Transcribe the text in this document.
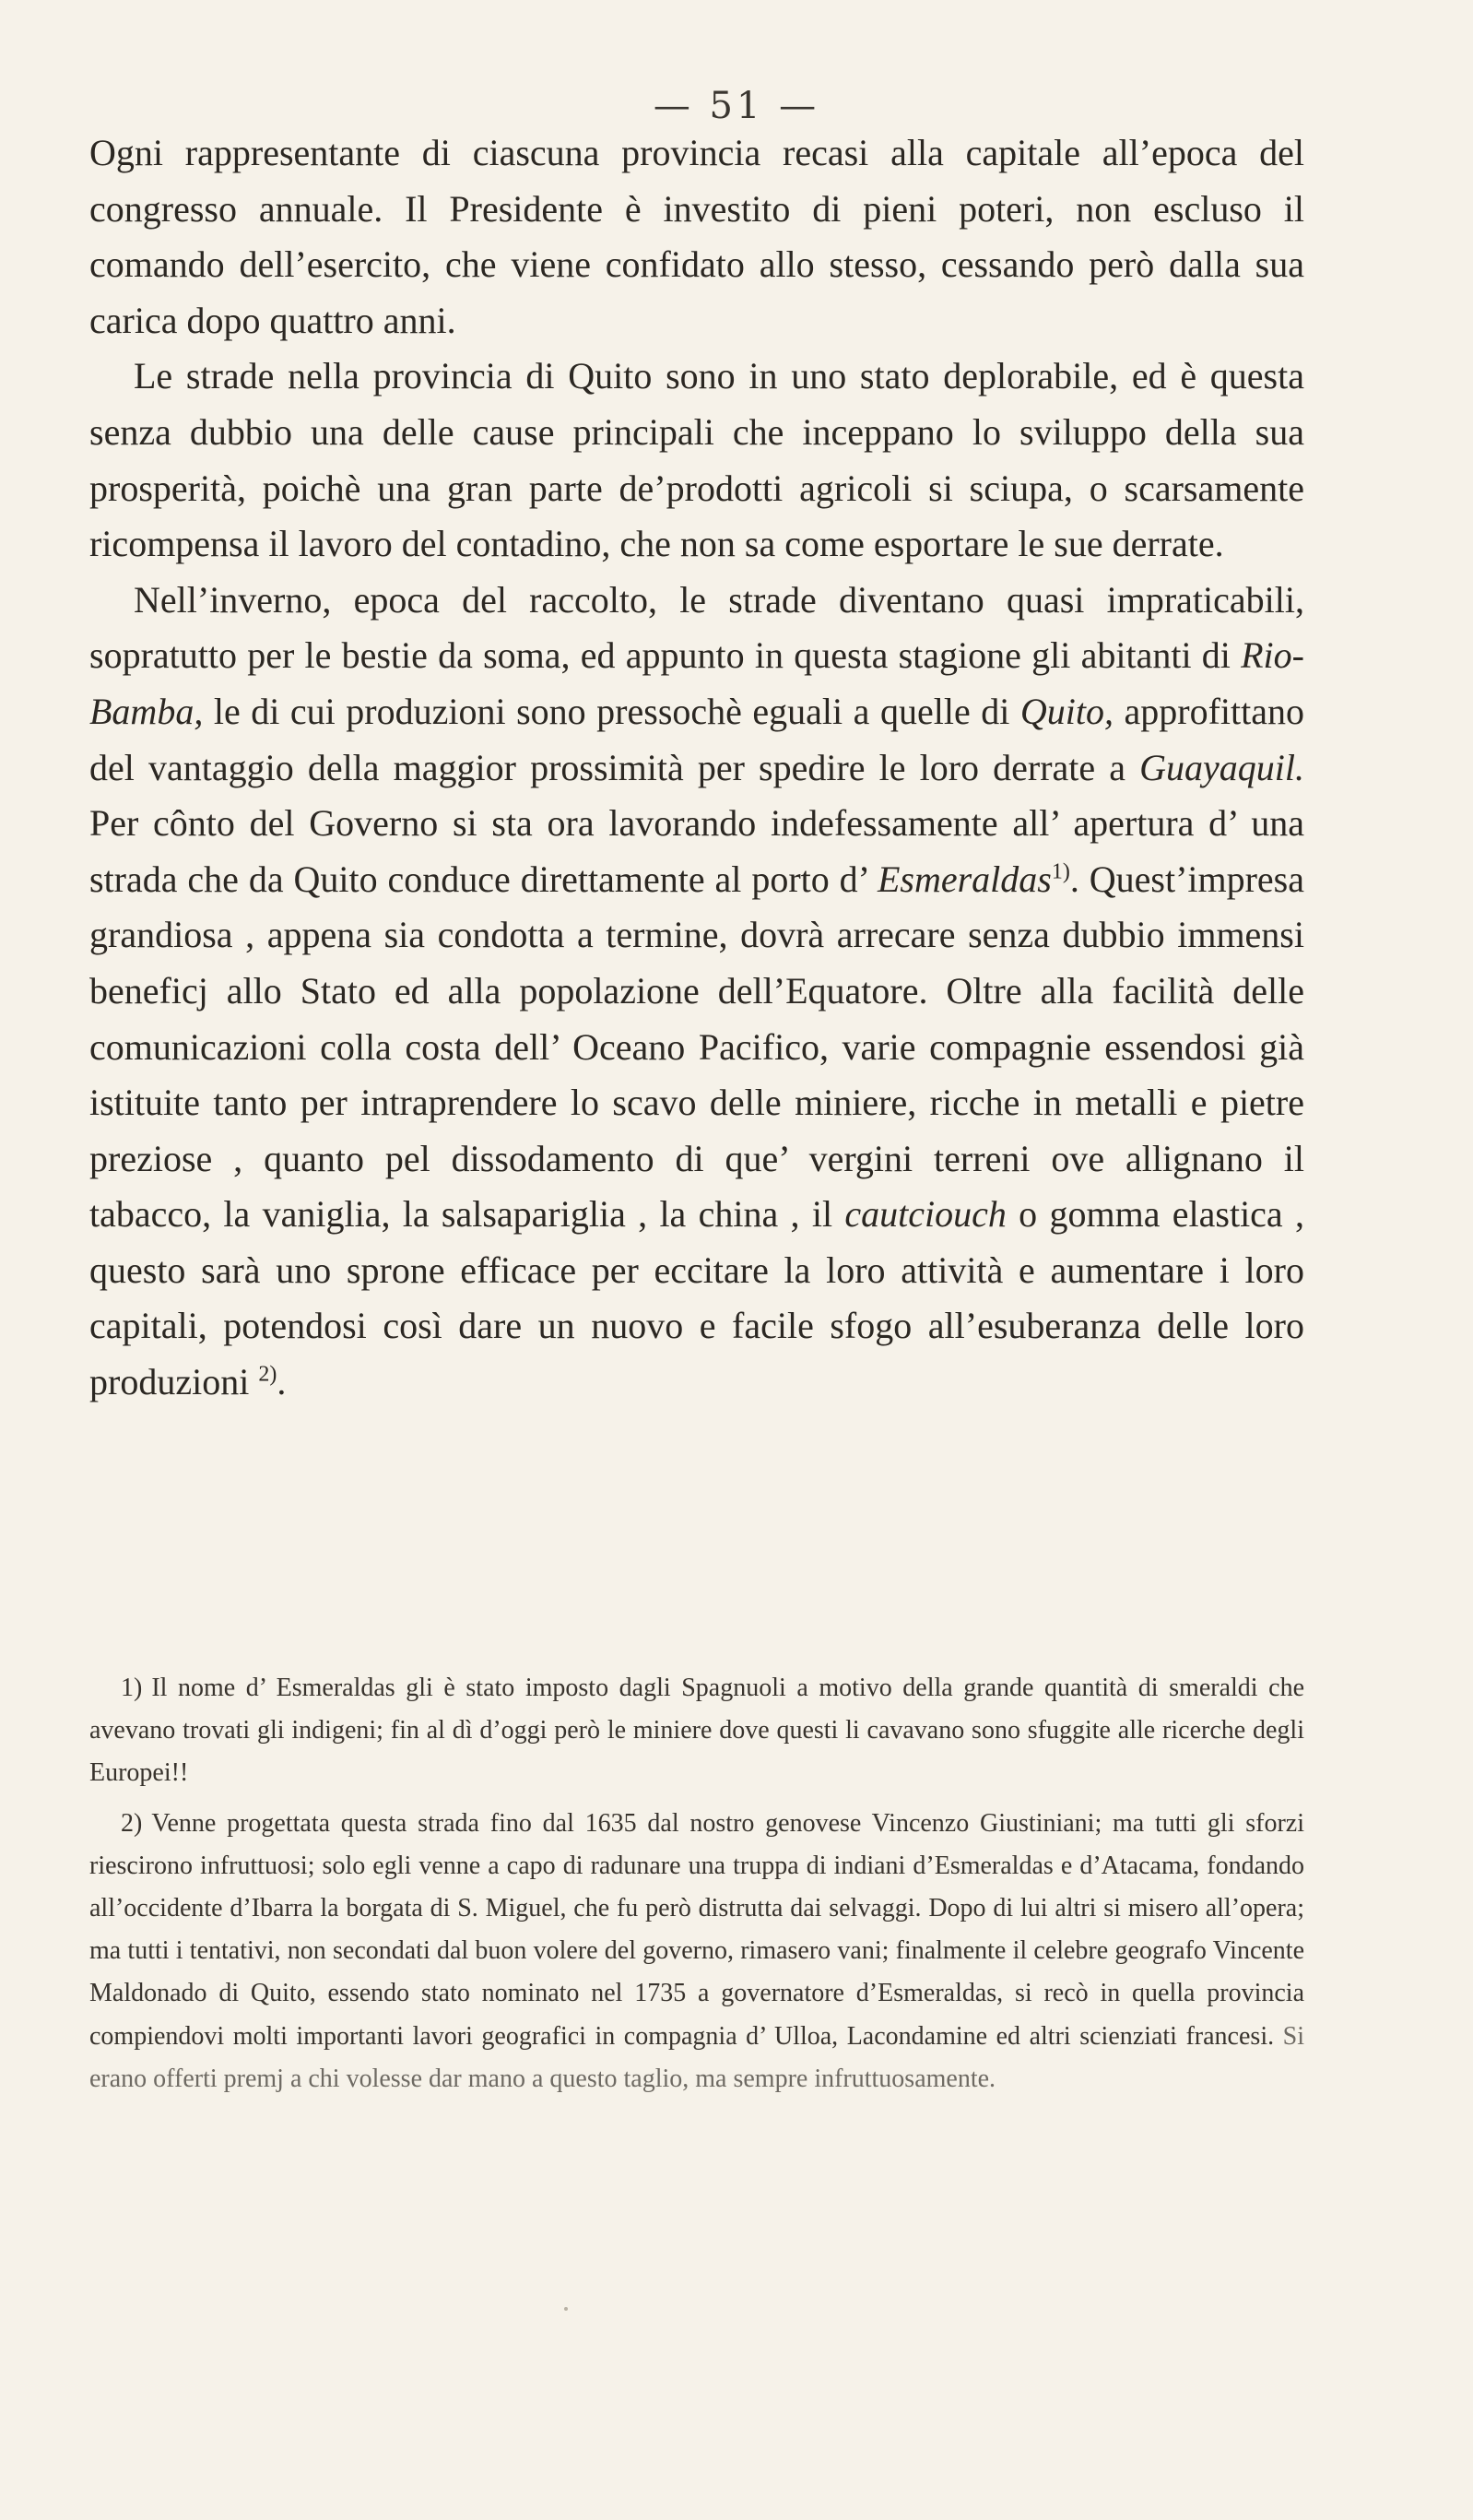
— 51 —

Ogni rappresentante di ciascuna provincia recasi alla capitale all’epoca del congresso annuale. Il Presidente è investito di pieni poteri, non escluso il comando dell’esercito, che viene confidato allo stesso, cessando però dalla sua carica dopo quattro anni.

Le strade nella provincia di Quito sono in uno stato deplorabile, ed è questa senza dubbio una delle cause principali che inceppano lo sviluppo della sua prosperità, poichè una gran parte de’prodotti agricoli si sciupa, o scarsamente ricompensa il lavoro del contadino, che non sa come esportare le sue derrate.

Nell’inverno, epoca del raccolto, le strade diventano quasi impraticabili, sopratutto per le bestie da soma, ed appunto in questa stagione gli abitanti di Rio-Bamba, le di cui produzioni sono pressochè eguali a quelle di Quito, approfittano del vantaggio della maggior prossimità per spedire le loro derrate a Guayaquil. Per cônto del Governo si sta ora lavorando indefessamente all’ apertura d’ una strada che da Quito conduce direttamente al porto d’ Esmeraldas$^{1)}$. Quest’impresa grandiosa , appena sia condotta a termine, dovrà arrecare senza dubbio immensi beneficj allo Stato ed alla popolazione dell’Equatore. Oltre alla facilità delle comunicazioni colla costa dell’ Oceano Pacifico, varie compagnie essendosi già istituite tanto per intraprendere lo scavo delle miniere, ricche in metalli e pietre preziose , quanto pel dissodamento di que’ vergini terreni ove allignano il tabacco, la vaniglia, la salsapariglia , la china , il cautciouch o gomma elastica , questo sarà uno sprone efficace per eccitare la loro attività e aumentare i loro capitali, potendosi così dare un nuovo e facile sfogo all’esuberanza delle loro produzioni $^{2)}$.

1) Il nome d’ Esmeraldas gli è stato imposto dagli Spagnuoli a motivo della grande quantità di smeraldi che avevano trovati gli indigeni; fin al dì d’oggi però le miniere dove questi li cavavano sono sfuggite alle ricerche degli Europei!!

2) Venne progettata questa strada fino dal 1635 dal nostro genovese Vincenzo Giustiniani; ma tutti gli sforzi riescirono infruttuosi; solo egli venne a capo di radunare una truppa di indiani d’Esmeraldas e d’Atacama, fondando all’occidente d’Ibarra la borgata di S. Miguel, che fu però distrutta dai selvaggi. Dopo di lui altri si misero all’opera; ma tutti i tentativi, non secondati dal buon volere del governo, rimasero vani; finalmente il celebre geografo Vincente Maldonado di Quito, essendo stato nominato nel 1735 a governatore d’Esmeraldas, si recò in quella provincia compiendovi molti importanti lavori geografici in compagnia d’ Ulloa, Lacondamine ed altri scienziati francesi. Si erano offerti premj a chi volesse dar mano a questo taglio, ma sempre infruttuosamente.
